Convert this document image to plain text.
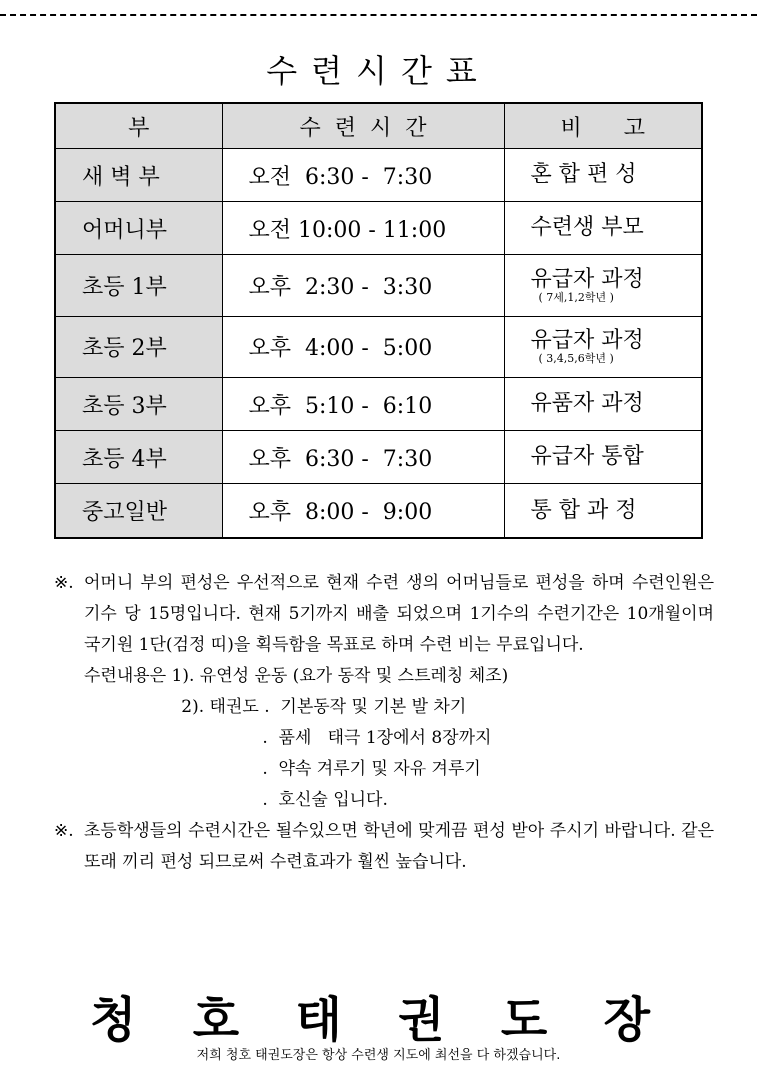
수련시간표
부	수  련  시  간	비      고
새 벽 부	오전  6:30 -  7:30	혼 합 편 성

어머니부	오전 10:00 - 11:00	수련생 부모

초등 1부	오후  2:30 -  3:30	유급자 과정
( 7세,1,2학년 )

초등 2부	오후  4:00 -  5:00	유급자 과정
( 3,4,5,6학년 )

초등 3부	오후  5:10 -  6:10	유품자 과정

초등 4부	오후  6:30 -  7:30	유급자 통합

중고일반	오후  8:00 -  9:00	통 합 과 정
※. 어머니 부의 편성은 우선적으로 현재 수련 생의 어머님들로 편성을 하며 수련인원은 기수 당 15명입니다. 현재 5기까지 배출 되었으며 1기수의 수련기간은 10개월이며 국기원 1단(검정 띠)을 획득함을 목표로 하며 수련 비는 무료입니다.
수련내용은 1). 유연성 운동 (요가 동작 및 스트레칭 체조)
2). 태권도 .  기본동작 및 기본 발 차기
.  품세   태극 1장에서 8장까지
.  약속 겨루기 및 자유 겨루기
.  호신술 입니다.
※. 초등학생들의 수련시간은 될수있으면 학년에 맞게끔 편성 받아 주시기 바랍니다. 같은 또래 끼리 편성 되므로써 수련효과가 훨씬 높습니다.
청 호 태 권 도 장
저희 청호 태권도장은 항상 수련생 지도에 최선을 다 하겠습니다.
